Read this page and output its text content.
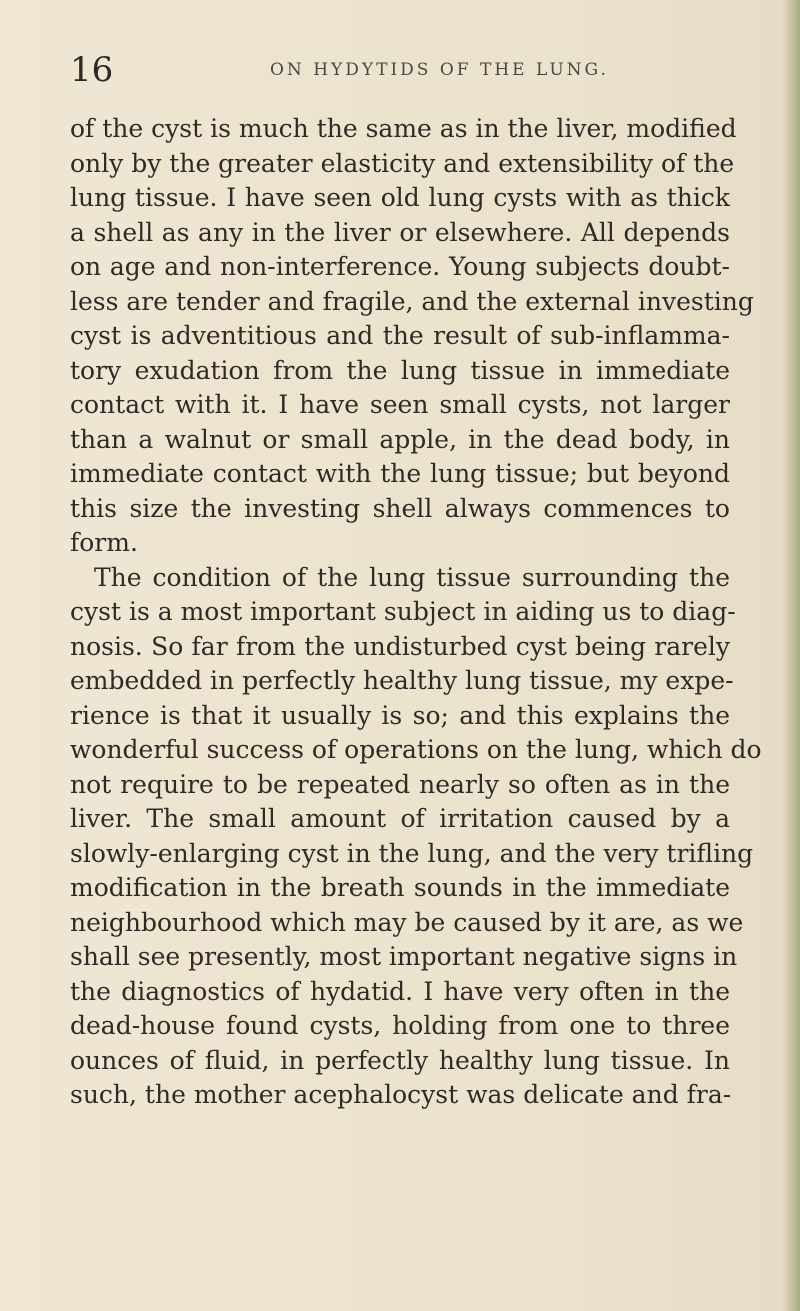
16	ON HYDYTIDS OF THE LUNG.
of the cyst is much the same as in the liver, modified
only by the greater elasticity and extensibility of the
lung tissue. I have seen old lung cysts with as thick
a shell as any in the liver or elsewhere. All depends
on age and non-interference. Young subjects doubt-
less are tender and fragile, and the external investing
cyst is adventitious and the result of sub-inflamma-
tory exudation from the lung tissue in immediate
contact with it. I have seen small cysts, not larger
than a walnut or small apple, in the dead body, in
immediate contact with the lung tissue; but beyond
this size the investing shell always commences to
form.
The condition of the lung tissue surrounding the
cyst is a most important subject in aiding us to diag-
nosis. So far from the undisturbed cyst being rarely
embedded in perfectly healthy lung tissue, my expe-
rience is that it usually is so; and this explains the
wonderful success of operations on the lung, which do
not require to be repeated nearly so often as in the
liver. The small amount of irritation caused by a
slowly-enlarging cyst in the lung, and the very trifling
modification in the breath sounds in the immediate
neighbourhood which may be caused by it are, as we
shall see presently, most important negative signs in
the diagnostics of hydatid. I have very often in the
dead-house found cysts, holding from one to three
ounces of fluid, in perfectly healthy lung tissue. In
such, the mother acephalocyst was delicate and fra-
